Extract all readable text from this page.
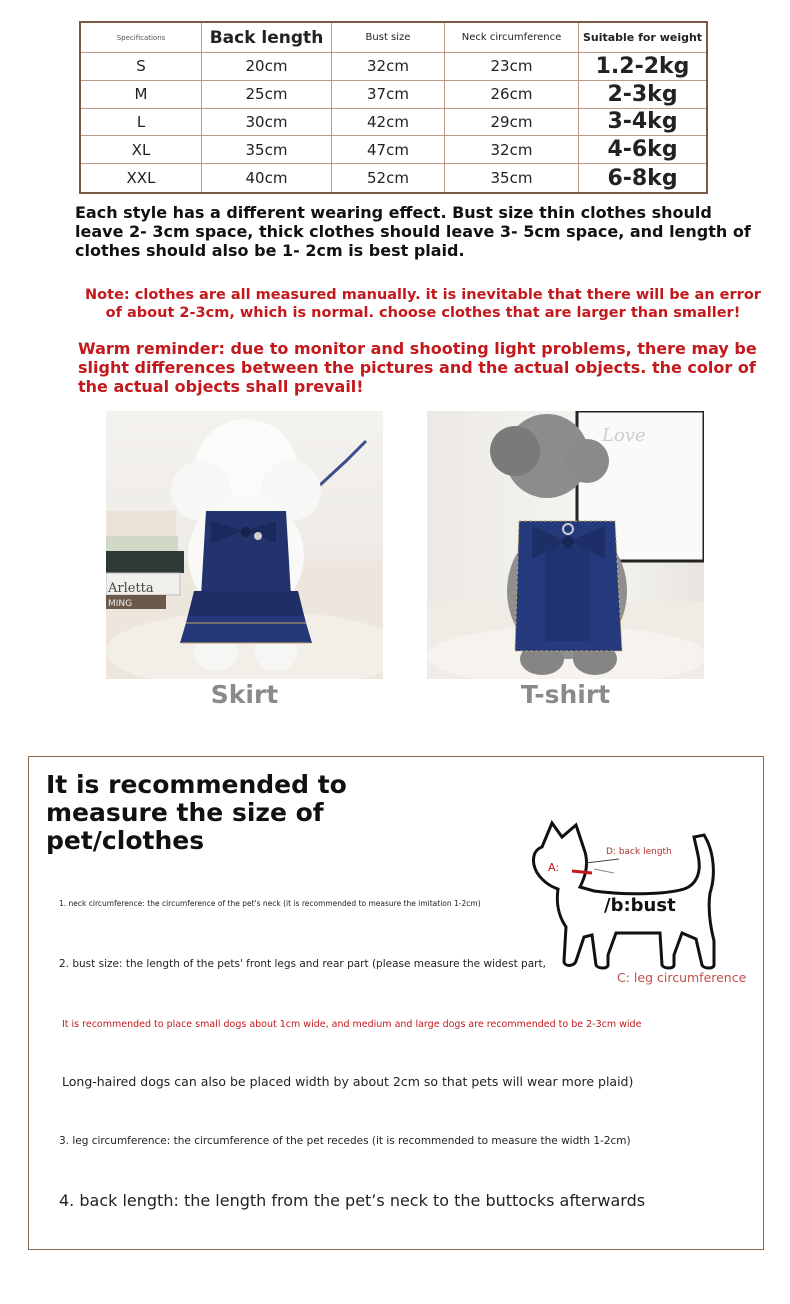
Specifications	Back length	Bust size	Neck circumference	Suitable for weight
S	20cm	32cm	23cm	1.2-2kg
M	25cm	37cm	26cm	2-3kg
L	30cm	42cm	29cm	3-4kg
XL	35cm	47cm	32cm	4-6kg
XXL	40cm	52cm	35cm	6-8kg
Each style has a different wearing effect. Bust size thin clothes should leave 2- 3cm space, thick clothes should leave 3- 5cm space, and length of clothes should also be 1- 2cm is best plaid.
Note: clothes are all measured manually. it is inevitable that there will be an error of about 2-3cm, which is normal. choose clothes that are larger than smaller!
Warm reminder: due to monitor and shooting light problems, there may be slight differences between the pictures and the actual objects. the color of the actual objects shall prevail!
Arletta
MING
Love
Skirt	T-shirt
It is recommended to measure the size of pet/clothes
1. neck circumference: the circumference of the pet's neck (it is recommended to measure the imitation 1-2cm)
2. bust size: the length of the pets' front legs and rear part (please measure the widest part,
It is recommended to place small dogs about 1cm wide, and medium and large dogs are recommended to be 2-3cm wide
Long-haired dogs can also be placed width by about 2cm so that pets will wear more plaid)
3. leg circumference: the circumference of the pet recedes (it is recommended to measure the width 1-2cm)
4. back length: the length from the pet’s neck to the buttocks afterwards
D: back length
A:
/b:bust
C: leg circumference
